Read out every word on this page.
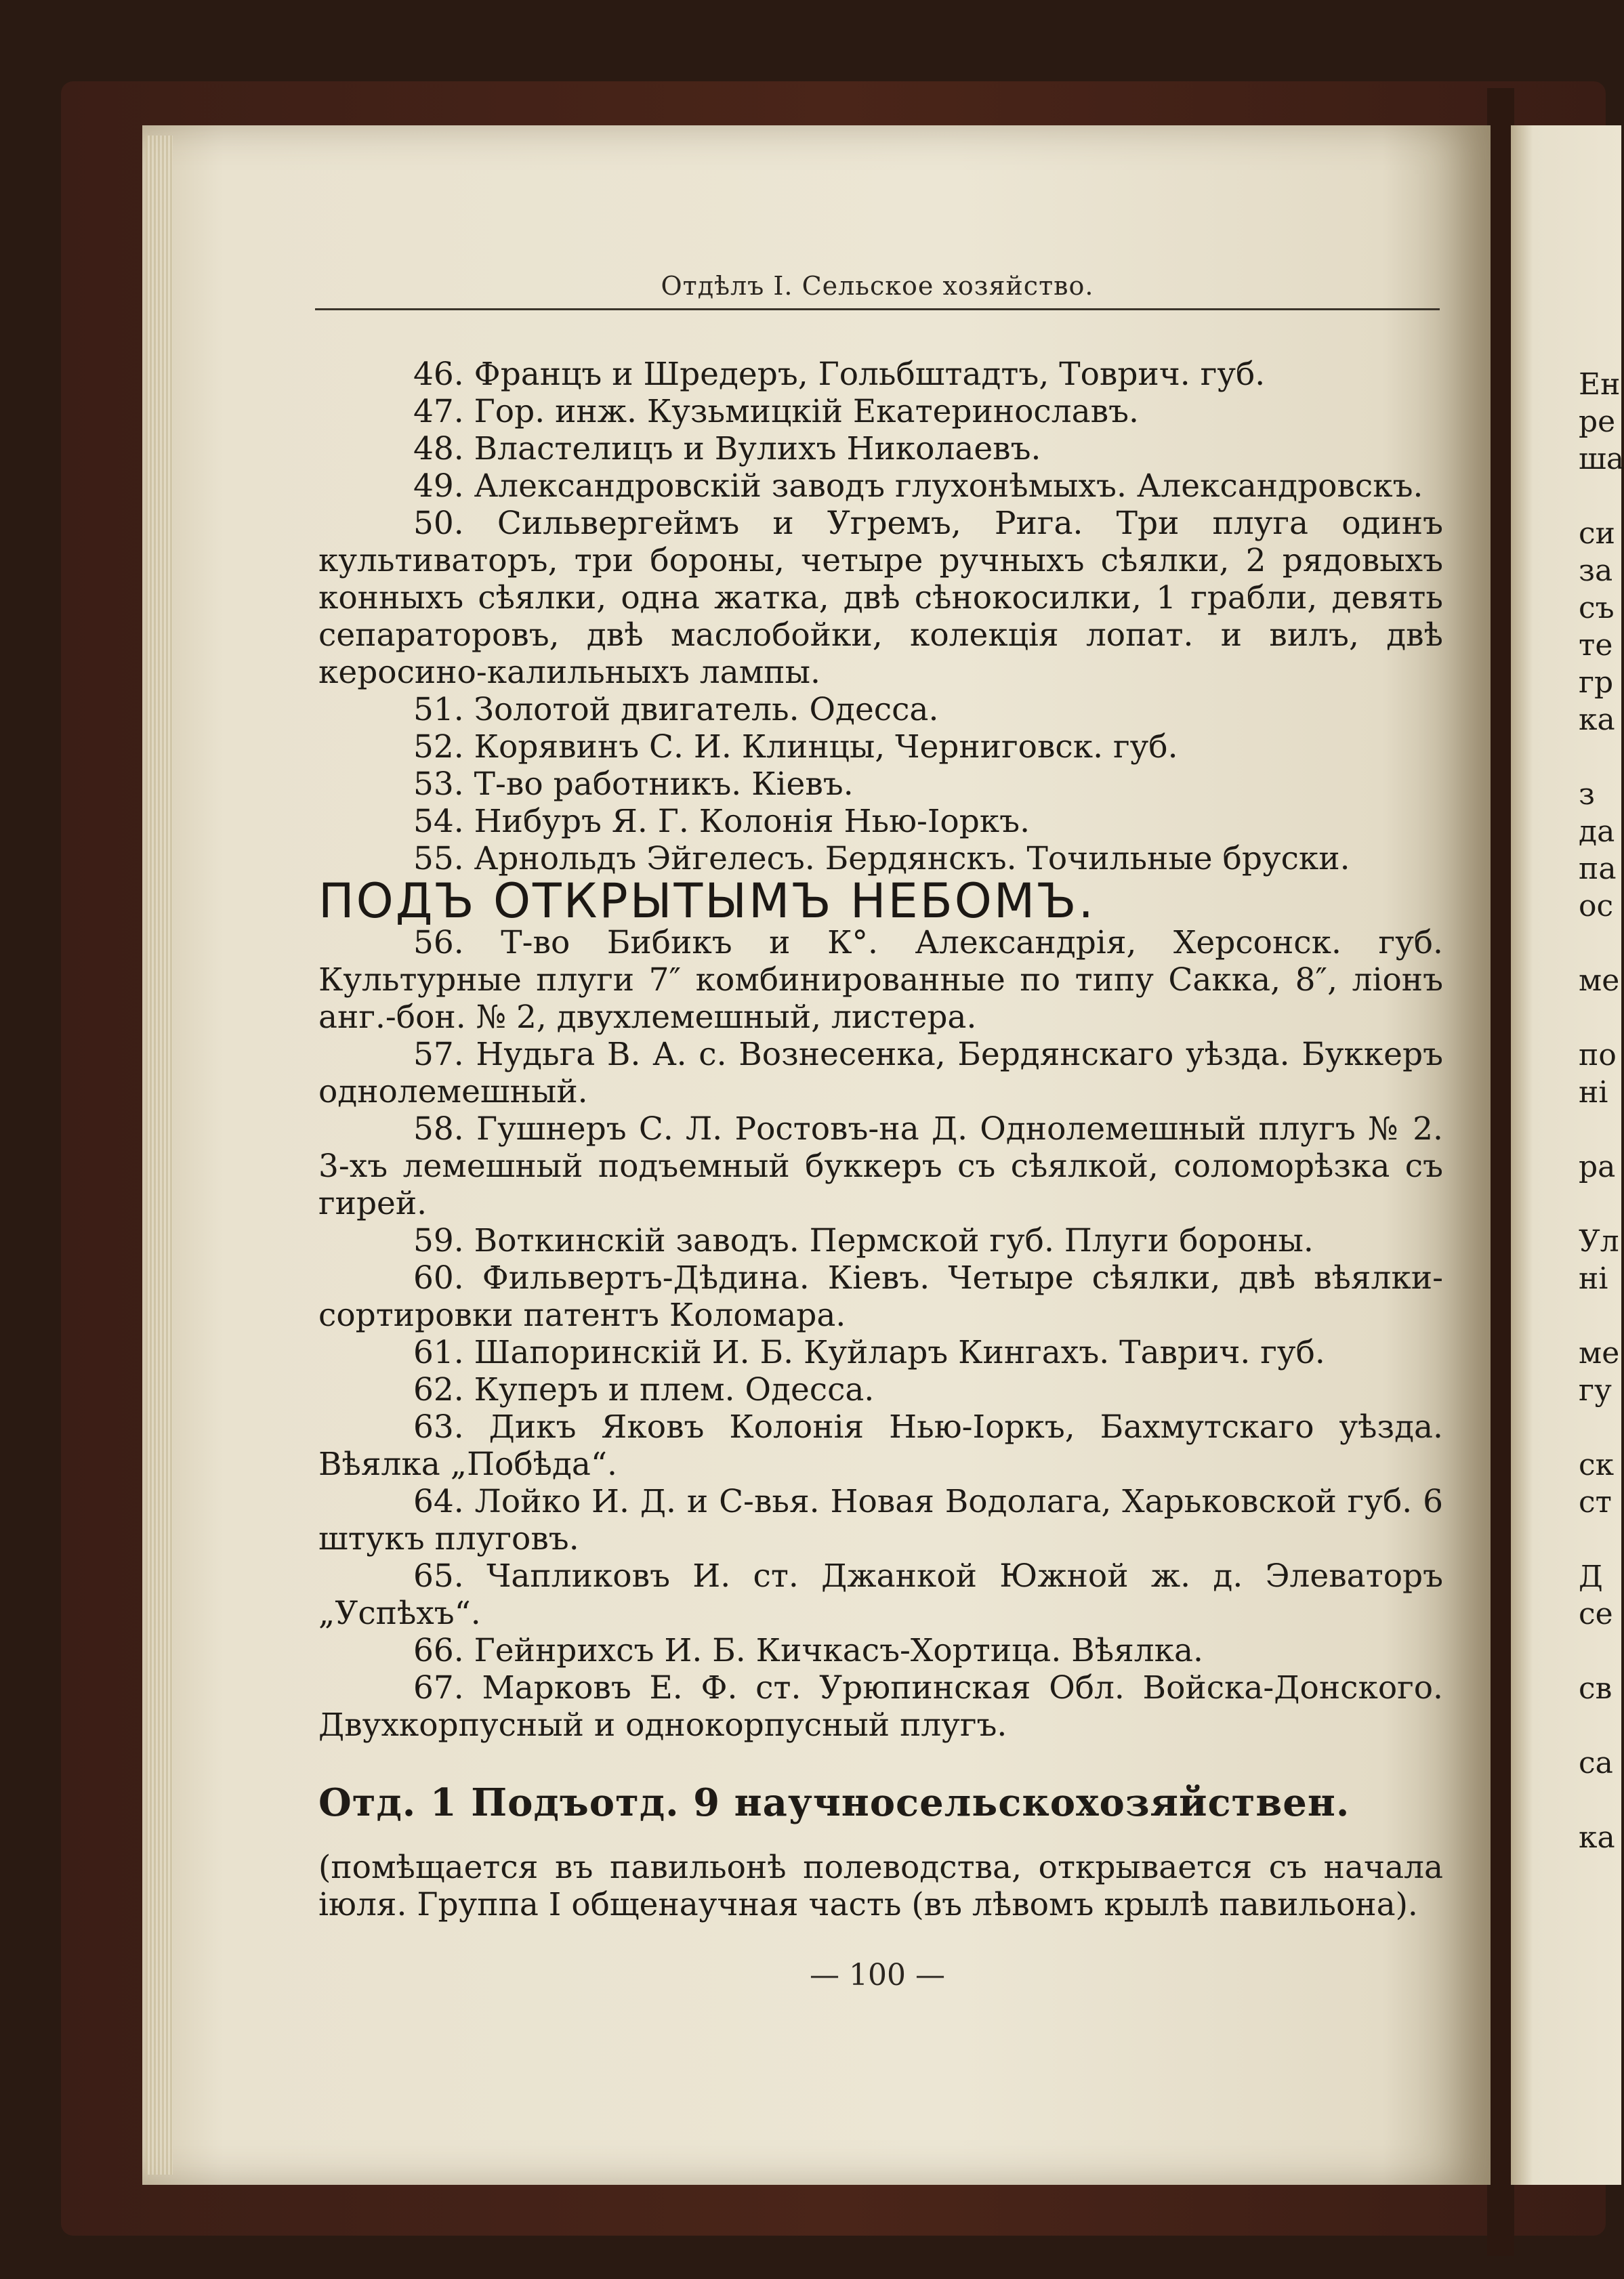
Отдѣлъ I. Сельское хозяйство.

46. Францъ и Шредеръ, Гольбштадтъ, Товрич. губ.

47. Гор. инж. Кузьмицкій Екатеринославъ.

48. Властелицъ и Вулихъ Николаевъ.

49. Александровскій заводъ глухонѣмыхъ. Александровскъ.

50. Сильвергеймъ и Угремъ, Рига. Три плуга одинъ культиваторъ, три бороны, четыре ручныхъ сѣялки, 2 рядовыхъ конныхъ сѣялки, одна жатка, двѣ сѣнокосилки, 1 грабли, девять сепараторовъ, двѣ маслобойки, колекція лопат. и вилъ, двѣ керосино-калильныхъ лампы.

51. Золотой двигатель. Одесса.

52. Корявинъ С. И. Клинцы, Черниговск. губ.

53. Т-во работникъ. Кіевъ.

54. Нибуръ Я. Г. Колонія Нью-Іоркъ.

55. Арнольдъ Эйгелесъ. Бердянскъ. Точильные бруски.

ПОДЪ ОТКРЫТЫМЪ НЕБОМЪ.

56. Т-во Бибикъ и К°. Александрія, Херсонск. губ. Культурные плуги 7″ комбинированные по типу Сакка, 8″, ліонъ анг.-бон. № 2, двухлемешный, листера.

57. Нудьга В. А. с. Вознесенка, Бердянскаго уѣзда. Буккеръ однолемешный.

58. Гушнеръ С. Л. Ростовъ-на Д. Однолемешный плугъ № 2. 3-хъ лемешный подъемный буккеръ съ сѣялкой, соломорѣзка съ гирей.

59. Воткинскій заводъ. Пермской губ. Плуги бороны.

60. Фильвертъ-Дѣдина. Кіевъ. Четыре сѣялки, двѣ вѣялки-сортировки патентъ Коломара.

61. Шапоринскій И. Б. Куйларъ Кингахъ. Таврич. губ.

62. Куперъ и плем. Одесса.

63. Дикъ Яковъ Колонія Нью-Іоркъ, Бахмутскаго уѣзда. Вѣялка „Побѣда“.

64. Лойко И. Д. и С-вья. Новая Водолага, Харьковской губ. 6 штукъ плуговъ.

65. Чапликовъ И. ст. Джанкой Южной ж. д. Элеваторъ „Успѣхъ“.

66. Гейнрихсъ И. Б. Кичкасъ-Хортица. Вѣялка.

67. Марковъ Е. Ф. ст. Урюпинская Обл. Войска-Донского. Двухкорпусный и однокорпусный плугъ.

Отд. 1 Подъотд. 9 научносельскохозяйствен.

(помѣщается въ павильонѣ полеводства, открывается съ начала іюля. Группа I общенаучная часть (въ лѣвомъ крылѣ павильона).

— 100 —
Ен
ре
ша
си
за
съ
те
гр
ка
з
да
па
ос
ме
по
ні
ра
Ул
ні
ме
гу
ск
ст
Д
се
св
са
ка
